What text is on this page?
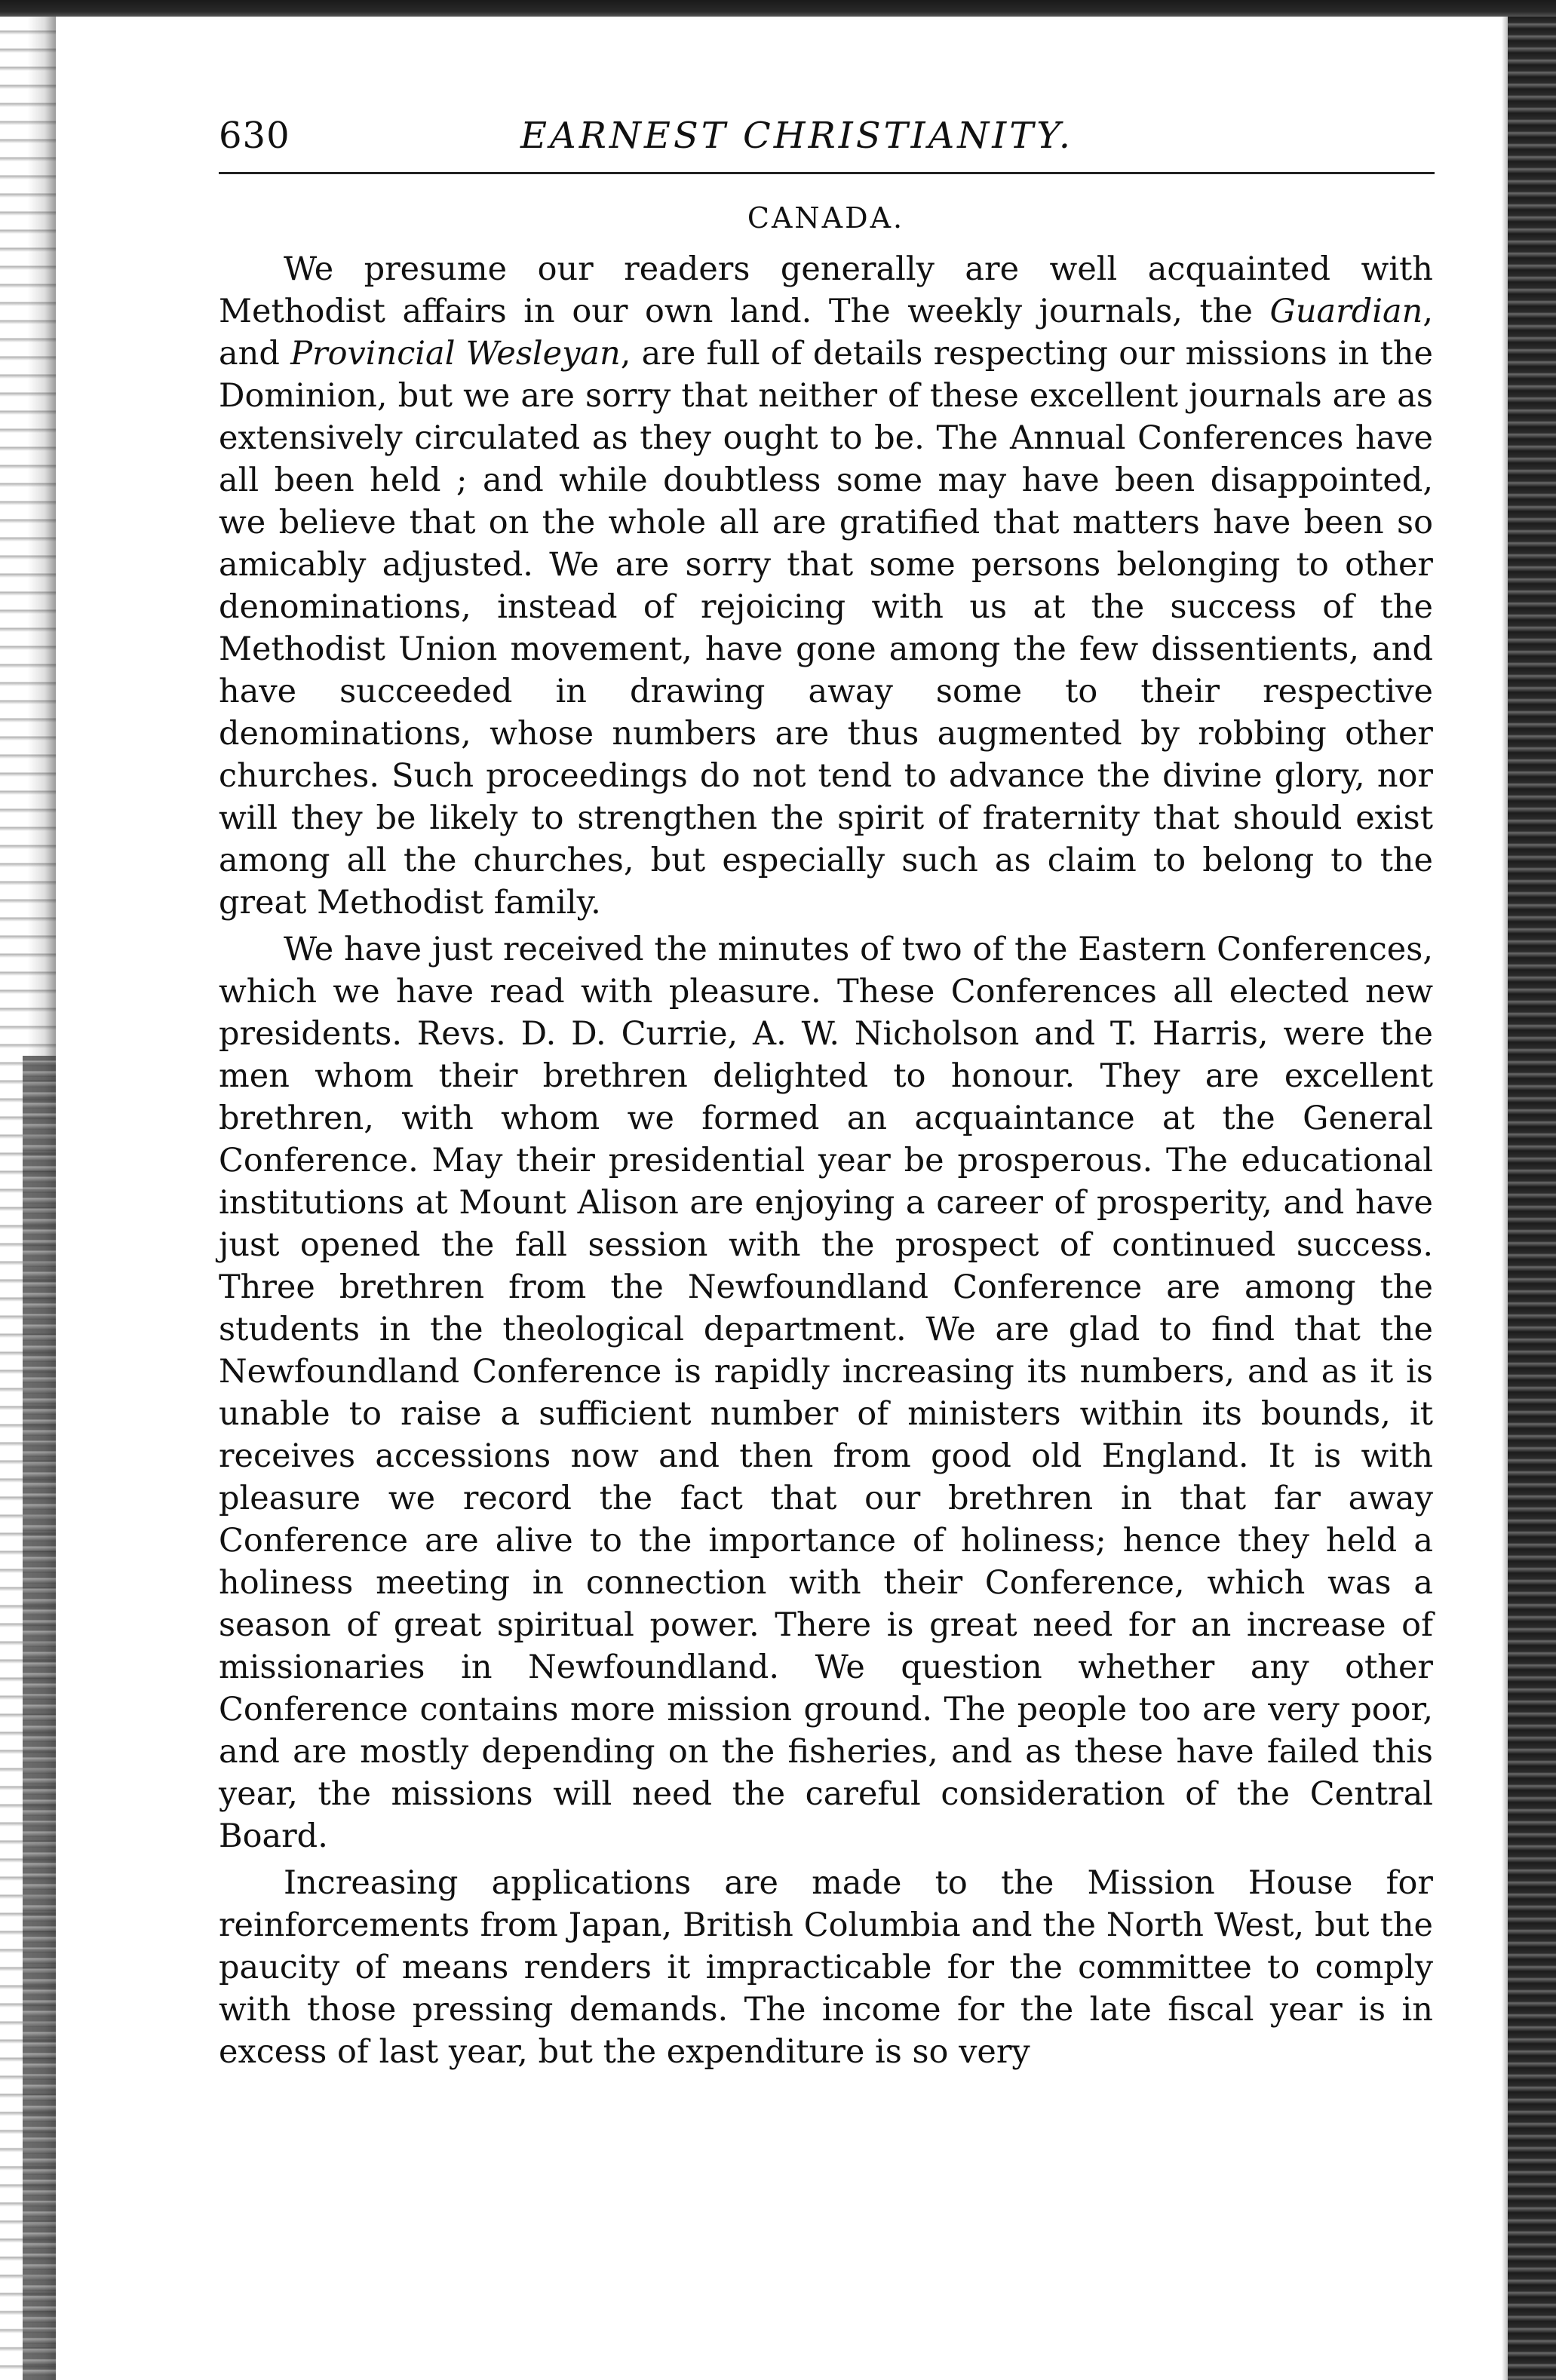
630	EARNEST CHRISTIANITY.
CANADA.

We presume our readers generally are well acquainted with Methodist affairs in our own land. The weekly journals, the Guardian, and Provincial Wesleyan, are full of details respecting our missions in the Dominion, but we are sorry that neither of these excellent journals are as extensively circulated as they ought to be. The Annual Conferences have all been held ; and while doubtless some may have been disappointed, we believe that on the whole all are gratified that matters have been so amicably adjusted. We are sorry that some persons belonging to other denominations, instead of rejoicing with us at the success of the Methodist Union movement, have gone among the few dissentients, and have succeeded in drawing away some to their respective denominations, whose numbers are thus augmented by robbing other churches. Such proceedings do not tend to advance the divine glory, nor will they be likely to strengthen the spirit of fraternity that should exist among all the churches, but especially such as claim to belong to the great Methodist family.

We have just received the minutes of two of the Eastern Conferences, which we have read with pleasure. These Conferences all elected new presidents. Revs. D. D. Currie, A. W. Nicholson and T. Harris, were the men whom their brethren delighted to honour. They are excellent brethren, with whom we formed an acquaintance at the General Conference. May their presidential year be prosperous. The educational institutions at Mount Alison are enjoying a career of prosperity, and have just opened the fall session with the prospect of continued success. Three brethren from the Newfoundland Conference are among the students in the theological department. We are glad to find that the Newfoundland Conference is rapidly increasing its numbers, and as it is unable to raise a sufficient number of ministers within its bounds, it receives accessions now and then from good old England. It is with pleasure we record the fact that our brethren in that far away Conference are alive to the importance of holiness; hence they held a holiness meeting in connection with their Conference, which was a season of great spiritual power. There is great need for an increase of missionaries in Newfoundland. We question whether any other Conference contains more mission ground. The people too are very poor, and are mostly depending on the fisheries, and as these have failed this year, the missions will need the careful consideration of the Central Board.

Increasing applications are made to the Mission House for reinforcements from Japan, British Columbia and the North West, but the paucity of means renders it impracticable for the committee to comply with those pressing demands. The income for the late fiscal year is in excess of last year, but the expenditure is so very
